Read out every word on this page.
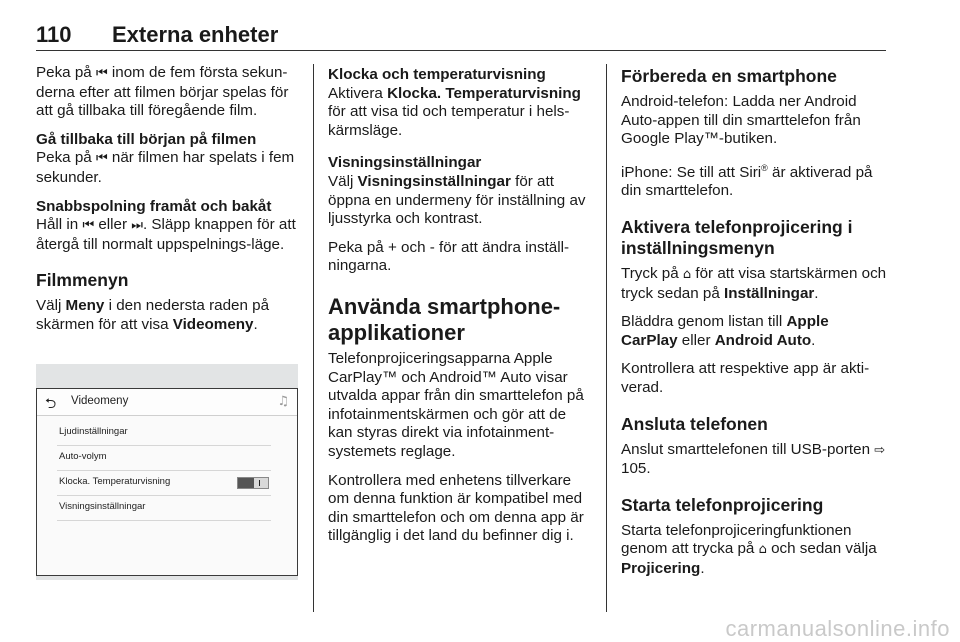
110 Externa enheter

Peka på ⏮ inom de fem första sekun-derna efter att filmen börjar spelas för att gå tillbaka till föregående film.

Gå tillbaka till början på filmen

Peka på ⏮ när filmen har spelats i fem sekunder.

Snabbspolning framåt och bakåt

Håll in ⏮ eller ⏭. Släpp knappen för att återgå till normalt uppspelnings-läge.

Filmmenyn

Välj Meny i den nedersta raden på skärmen för att visa Videomeny.

⮌ Videomeny	♫
Ljudinställningar
Auto-volym
Klocka. Temperaturvisning
Visningsinställningar

Klocka och temperaturvisning

Aktivera Klocka. Temperaturvisning för att visa tid och temperatur i hels-kärmsläge.

Visningsinställningar

Välj Visningsinställningar för att öppna en undermeny för inställning av ljusstyrka och kontrast.

Peka på + och - för att ändra inställ-ningarna.

Använda smartphone-applikationer

Telefonprojiceringsapparna Apple CarPlay™ och Android™ Auto visar utvalda appar från din smarttelefon på infotainmentskärmen och gör att de kan styras direkt via infotainment-systemets reglage.

Kontrollera med enhetens tillverkare om denna funktion är kompatibel med din smarttelefon och om denna app är tillgänglig i det land du befinner dig i.

Förbereda en smartphone

Android-telefon: Ladda ner Android Auto-appen till din smarttelefon från Google Play™-butiken.

iPhone: Se till att Siri® är aktiverad på din smarttelefon.

Aktivera telefonprojicering i inställningsmenyn

Tryck på ⌂ för att visa startskärmen och tryck sedan på Inställningar.

Bläddra genom listan till Apple CarPlay eller Android Auto.

Kontrollera att respektive app är akti-verad.

Ansluta telefonen

Anslut smarttelefonen till USB-porten ⇨ 105.

Starta telefonprojicering

Starta telefonprojiceringfunktionen genom att trycka på ⌂ och sedan välja Projicering.

carmanualsonline.info
